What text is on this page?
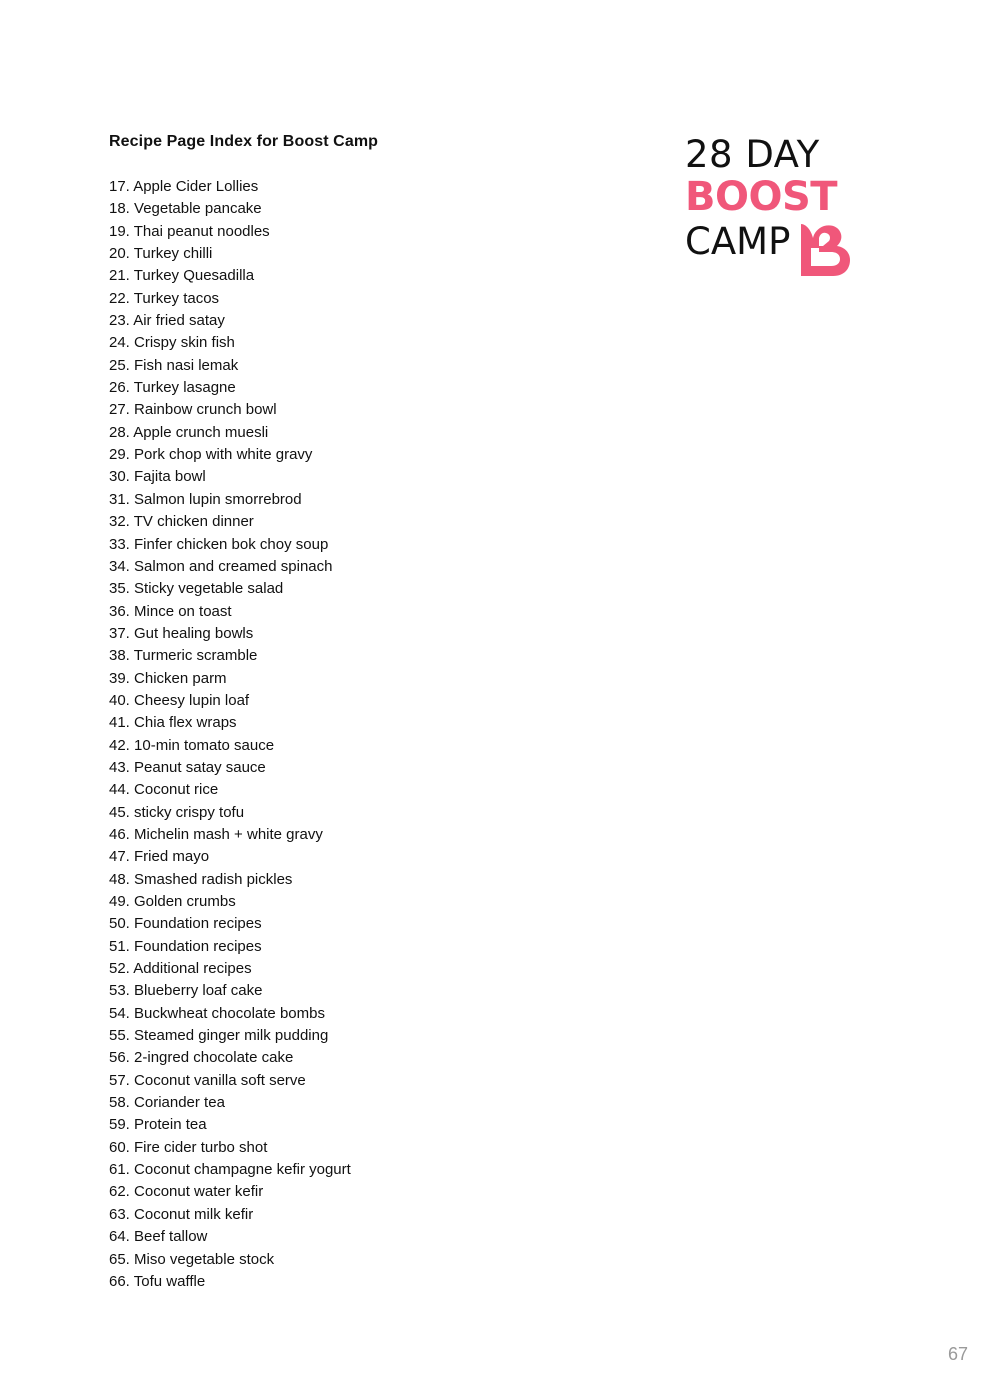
Recipe Page Index for Boost Camp
17. Apple Cider Lollies
18. Vegetable pancake
19. Thai peanut noodles
20. Turkey chilli
21. Turkey Quesadilla
22. Turkey tacos
23. Air fried satay
24. Crispy skin fish
25. Fish nasi lemak
26. Turkey lasagne
27. Rainbow crunch bowl
28. Apple crunch muesli
29. Pork chop with white gravy
30. Fajita bowl
31. Salmon lupin smorrebrod
32. TV chicken dinner
33. Finfer chicken bok choy soup
34. Salmon and creamed spinach
35. Sticky vegetable salad
36. Mince on toast
37. Gut healing bowls
38. Turmeric scramble
39. Chicken parm
40. Cheesy lupin loaf
41. Chia flex wraps
42. 10-min tomato sauce
43. Peanut satay sauce
44. Coconut rice
45. sticky crispy tofu
46. Michelin mash + white gravy
47. Fried mayo
48. Smashed radish pickles
49. Golden crumbs
50. Foundation recipes
51. Foundation recipes
52. Additional recipes
53. Blueberry loaf cake
54. Buckwheat chocolate bombs
55. Steamed ginger milk pudding
56. 2-ingred chocolate cake
57. Coconut vanilla soft serve
58. Coriander tea
59. Protein tea
60. Fire cider turbo shot
61. Coconut champagne kefir yogurt
62. Coconut water kefir
63. Coconut milk kefir
64. Beef tallow
65. Miso vegetable stock
66. Tofu waffle
28 DAY
BOOST
CAMP
67
